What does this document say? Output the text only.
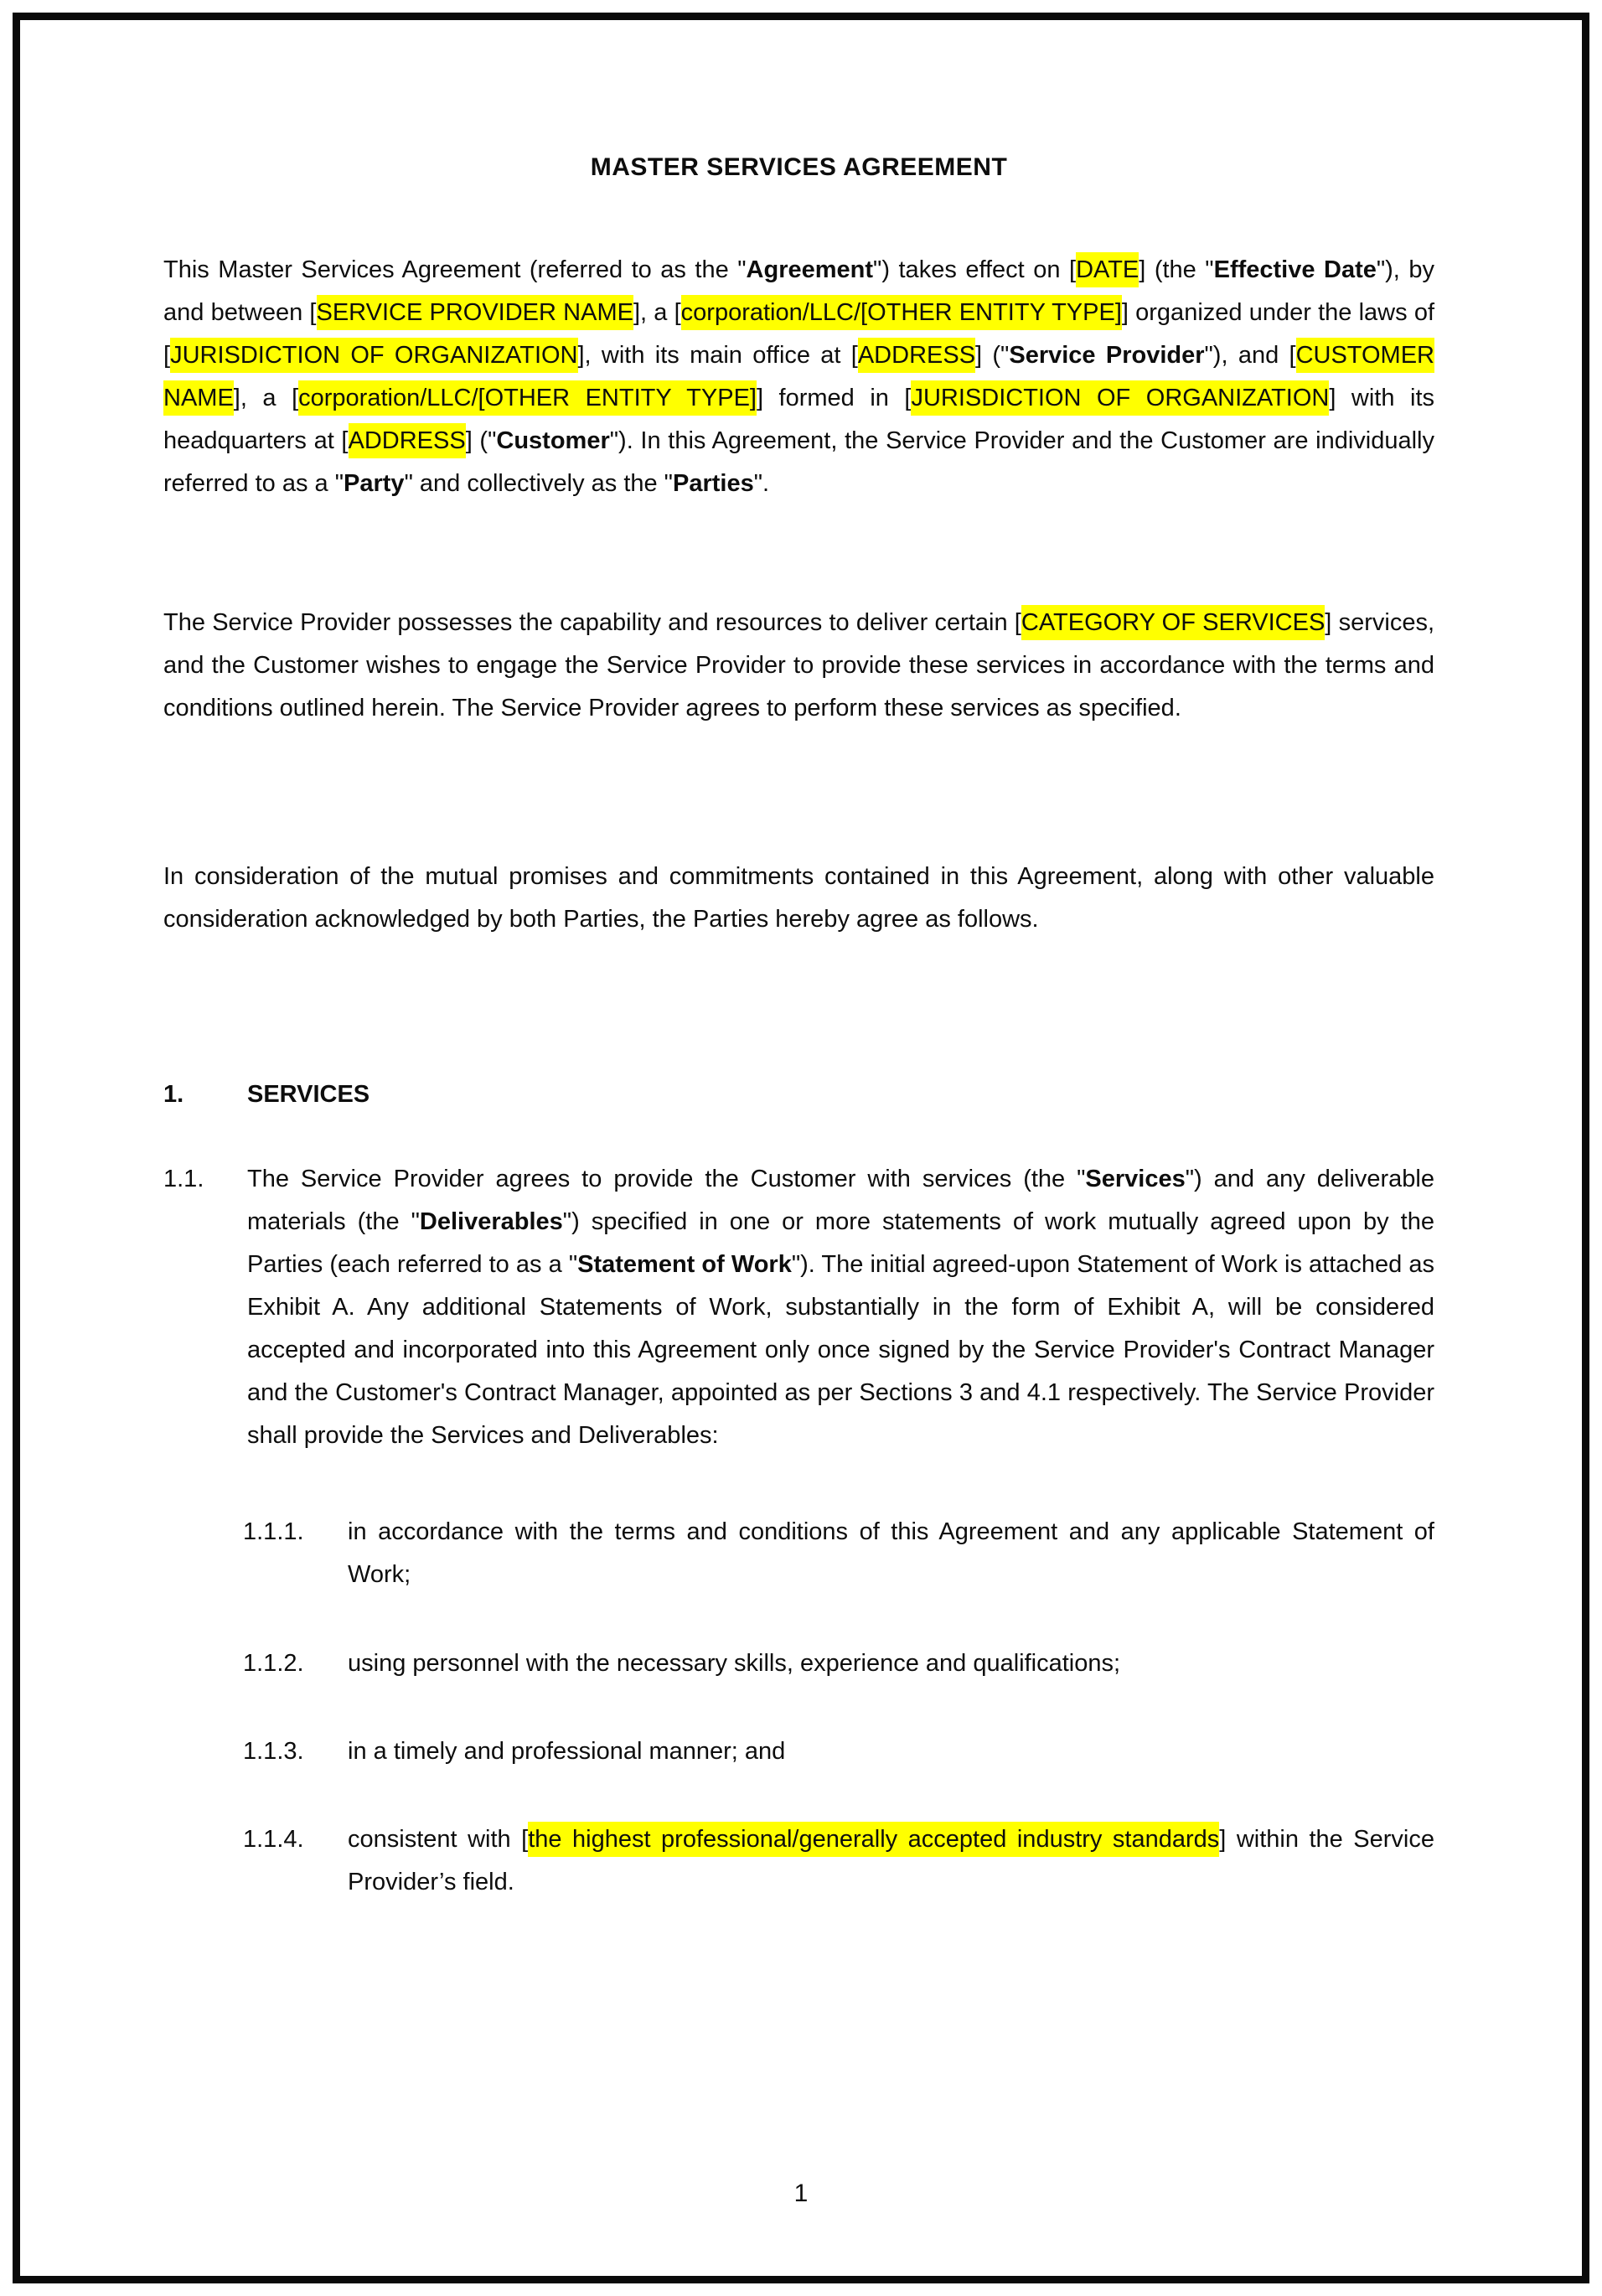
MASTER SERVICES AGREEMENT

This Master Services Agreement (referred to as the "Agreement") takes effect on [DATE] (the "Effective Date"), by and between [SERVICE PROVIDER NAME], a [corporation/LLC/[OTHER ENTITY TYPE]] organized under the laws of [JURISDICTION OF ORGANIZATION], with its main office at [ADDRESS] ("Service Provider"), and [CUSTOMER NAME], a [corporation/LLC/[OTHER ENTITY TYPE]] formed in [JURISDICTION OF ORGANIZATION] with its headquarters at [ADDRESS] ("Customer"). In this Agreement, the Service Provider and the Customer are individually referred to as a "Party" and collectively as the "Parties".

The Service Provider possesses the capability and resources to deliver certain [CATEGORY OF SERVICES] services, and the Customer wishes to engage the Service Provider to provide these services in accordance with the terms and conditions outlined herein. The Service Provider agrees to perform these services as specified.

In consideration of the mutual promises and commitments contained in this Agreement, along with other valuable consideration acknowledged by both Parties, the Parties hereby agree as follows.

1.	SERVICES
1.1.	The Service Provider agrees to provide the Customer with services (the "Services") and any deliverable materials (the "Deliverables") specified in one or more statements of work mutually agreed upon by the Parties (each referred to as a "Statement of Work"). The initial agreed-upon Statement of Work is attached as Exhibit A. Any additional Statements of Work, substantially in the form of Exhibit A, will be considered accepted and incorporated into this Agreement only once signed by the Service Provider's Contract Manager and the Customer's Contract Manager, appointed as per Sections 3 and 4.1 respectively. The Service Provider shall provide the Services and Deliverables:
1.1.1.	in accordance with the terms and conditions of this Agreement and any applicable Statement of Work;
1.1.2.	using personnel with the necessary skills, experience and qualifications;
1.1.3.	in a timely and professional manner; and
1.1.4.	consistent with [the highest professional/generally accepted industry standards] within the Service Provider’s field.
1
